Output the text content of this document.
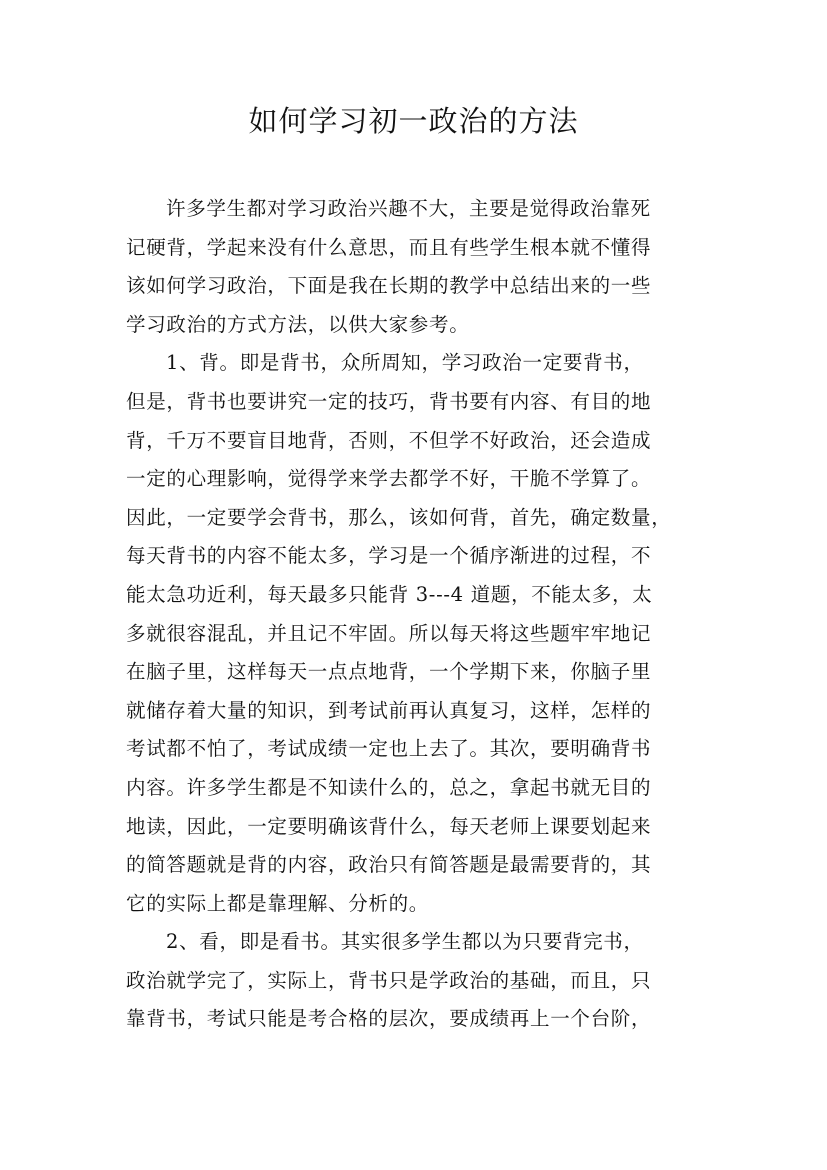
如何学习初一政治的方法
许多学生都对学习政治兴趣不大，主要是觉得政治靠死
记硬背，学起来没有什么意思，而且有些学生根本就不懂得
该如何学习政治，下面是我在长期的教学中总结出来的一些
学习政治的方式方法，以供大家参考。
1、背。即是背书，众所周知，学习政治一定要背书，
但是，背书也要讲究一定的技巧，背书要有内容、有目的地
背，千万不要盲目地背，否则，不但学不好政治，还会造成
一定的心理影响，觉得学来学去都学不好，干脆不学算了。
因此，一定要学会背书，那么，该如何背，首先，确定数量，
每天背书的内容不能太多，学习是一个循序渐进的过程，不
能太急功近利，每天最多只能背 3---4 道题，不能太多，太
多就很容混乱，并且记不牢固。所以每天将这些题牢牢地记
在脑子里，这样每天一点点地背，一个学期下来，你脑子里
就储存着大量的知识，到考试前再认真复习，这样，怎样的
考试都不怕了，考试成绩一定也上去了。其次，要明确背书
内容。许多学生都是不知读什么的，总之，拿起书就无目的
地读，因此，一定要明确该背什么，每天老师上课要划起来
的简答题就是背的内容，政治只有简答题是最需要背的，其
它的实际上都是靠理解、分析的。
2、看，即是看书。其实很多学生都以为只要背完书，
政治就学完了，实际上，背书只是学政治的基础，而且，只
靠背书，考试只能是考合格的层次，要成绩再上一个台阶，
